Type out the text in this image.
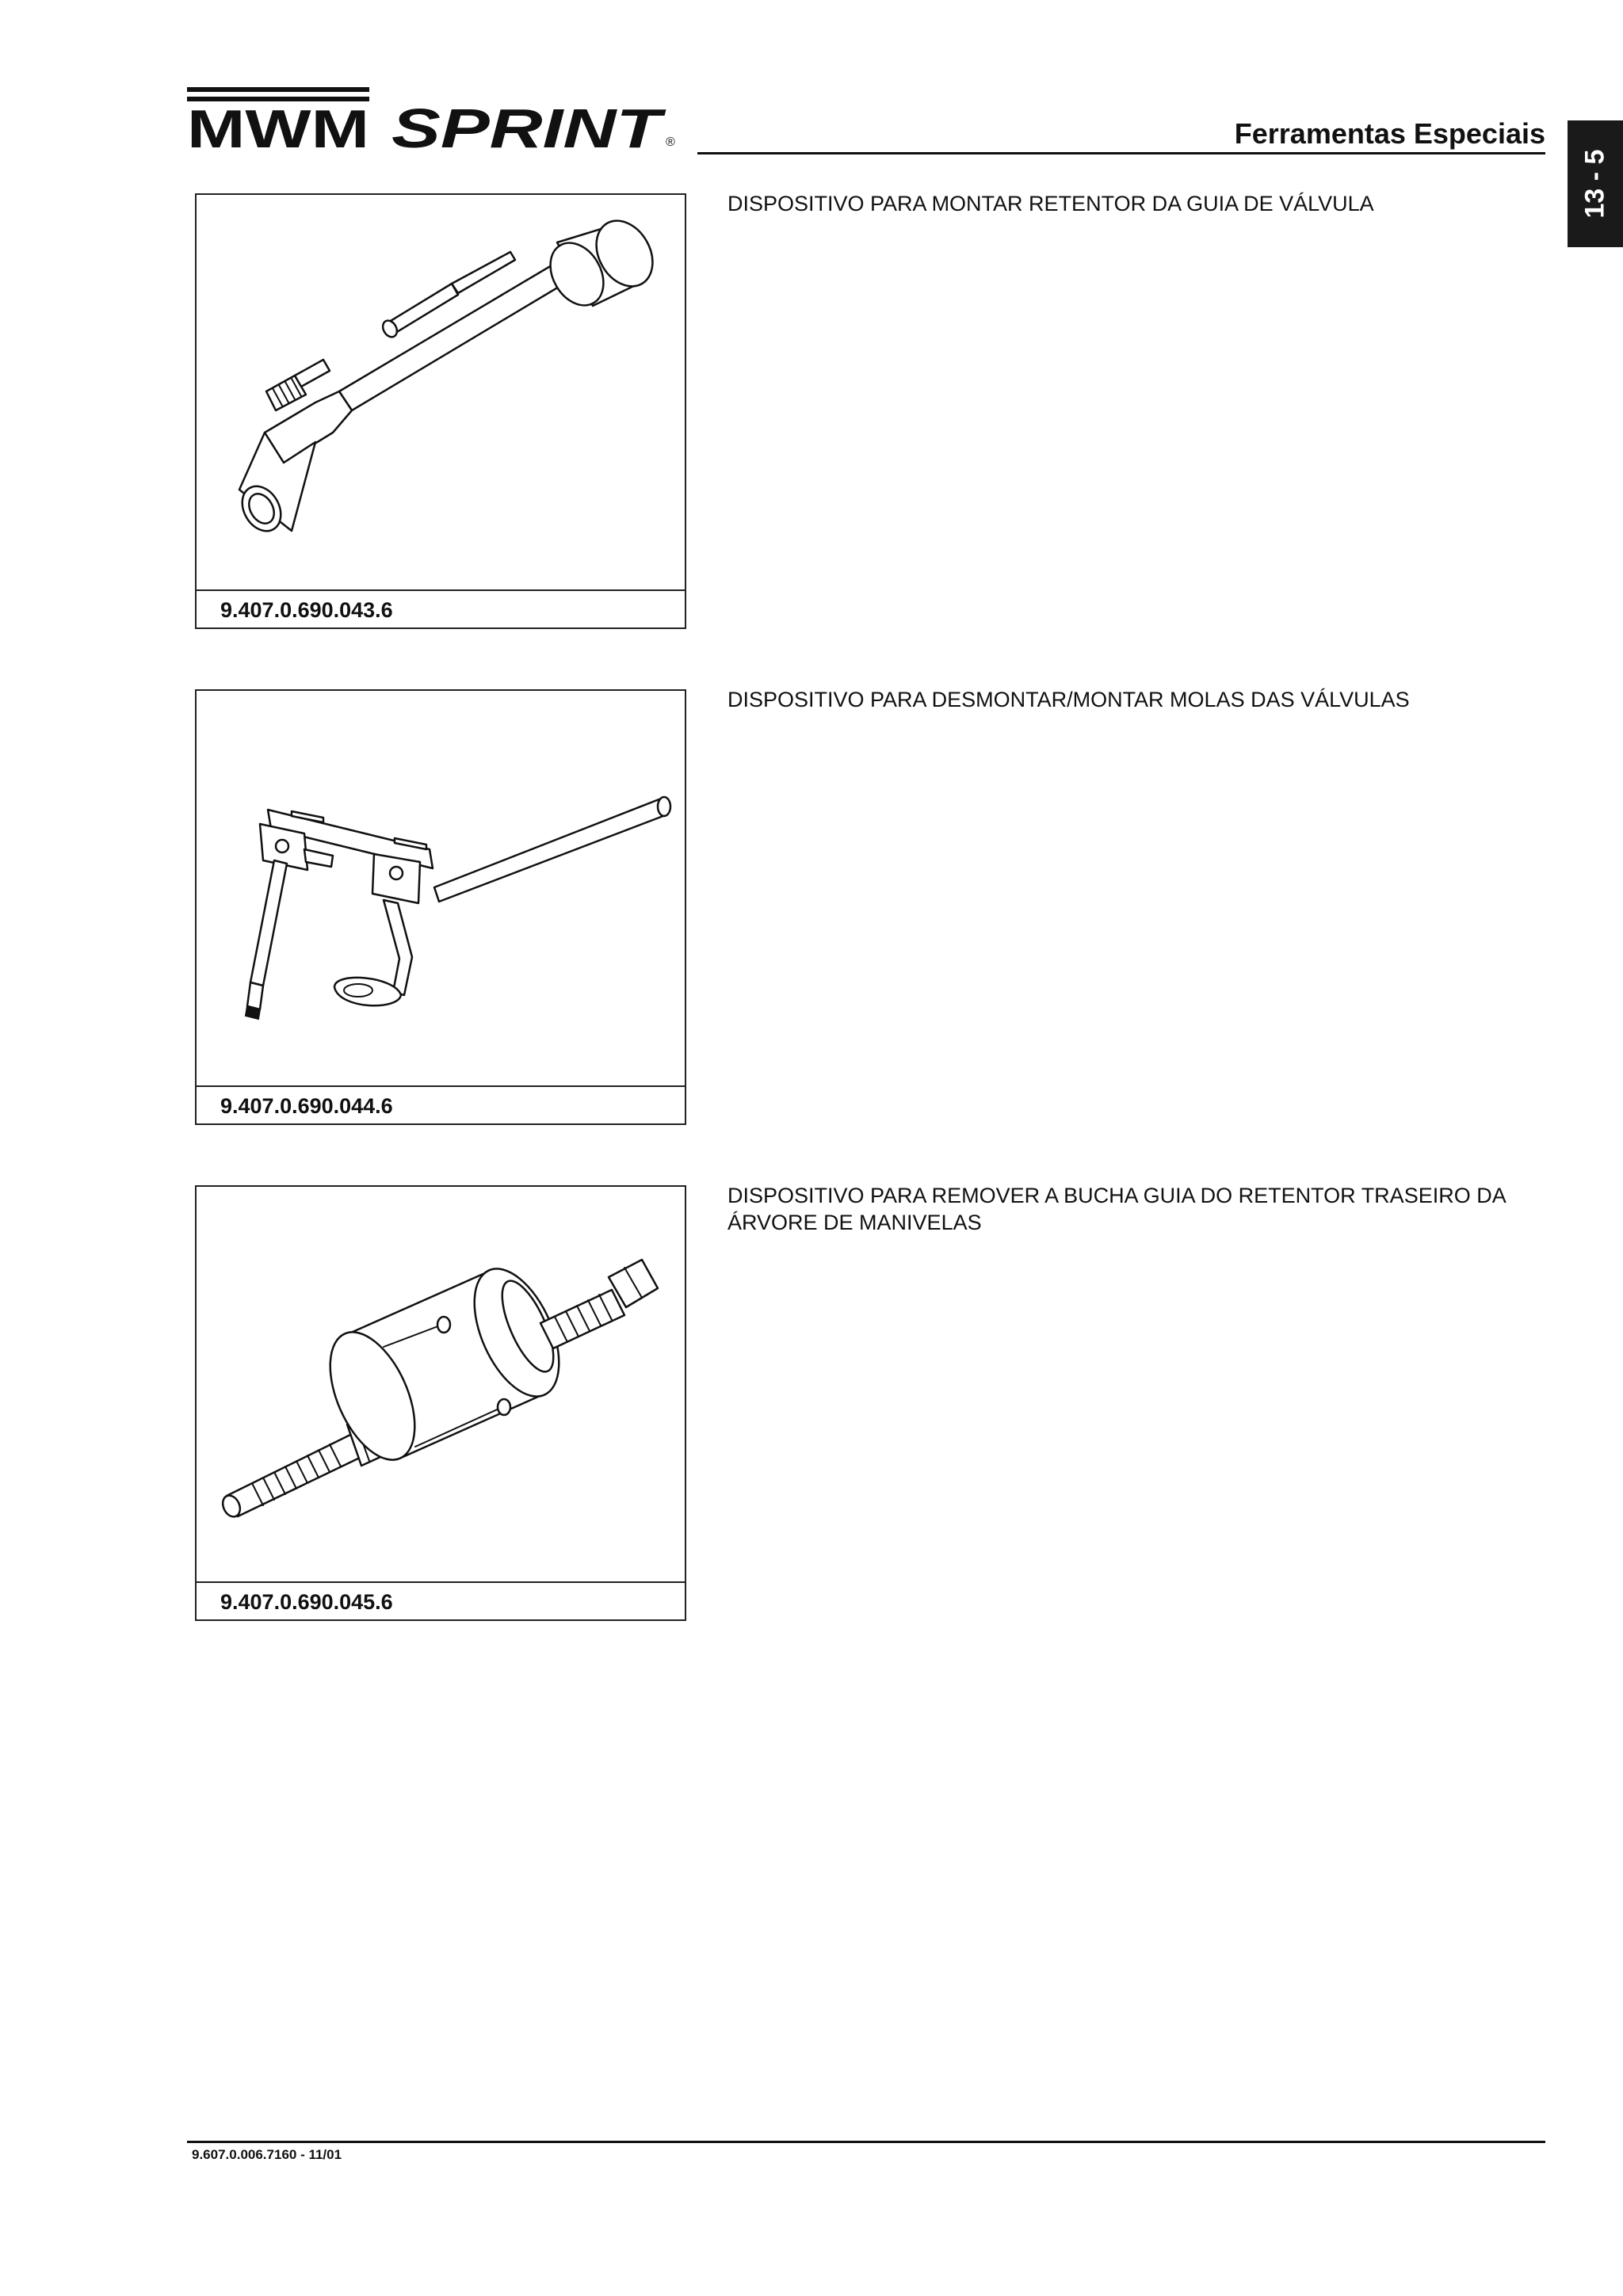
MWM SPRINT ®	Ferramentas Especiais
13 - 5
9.407.0.690.043.6
DISPOSITIVO PARA MONTAR RETENTOR DA GUIA DE VÁLVULA
9.407.0.690.044.6
DISPOSITIVO PARA DESMONTAR/MONTAR MOLAS DAS VÁLVULAS
9.407.0.690.045.6
DISPOSITIVO PARA REMOVER A BUCHA GUIA DO RETENTOR TRASEIRO DA ÁRVORE DE MANIVELAS
9.607.0.006.7160 - 11/01
